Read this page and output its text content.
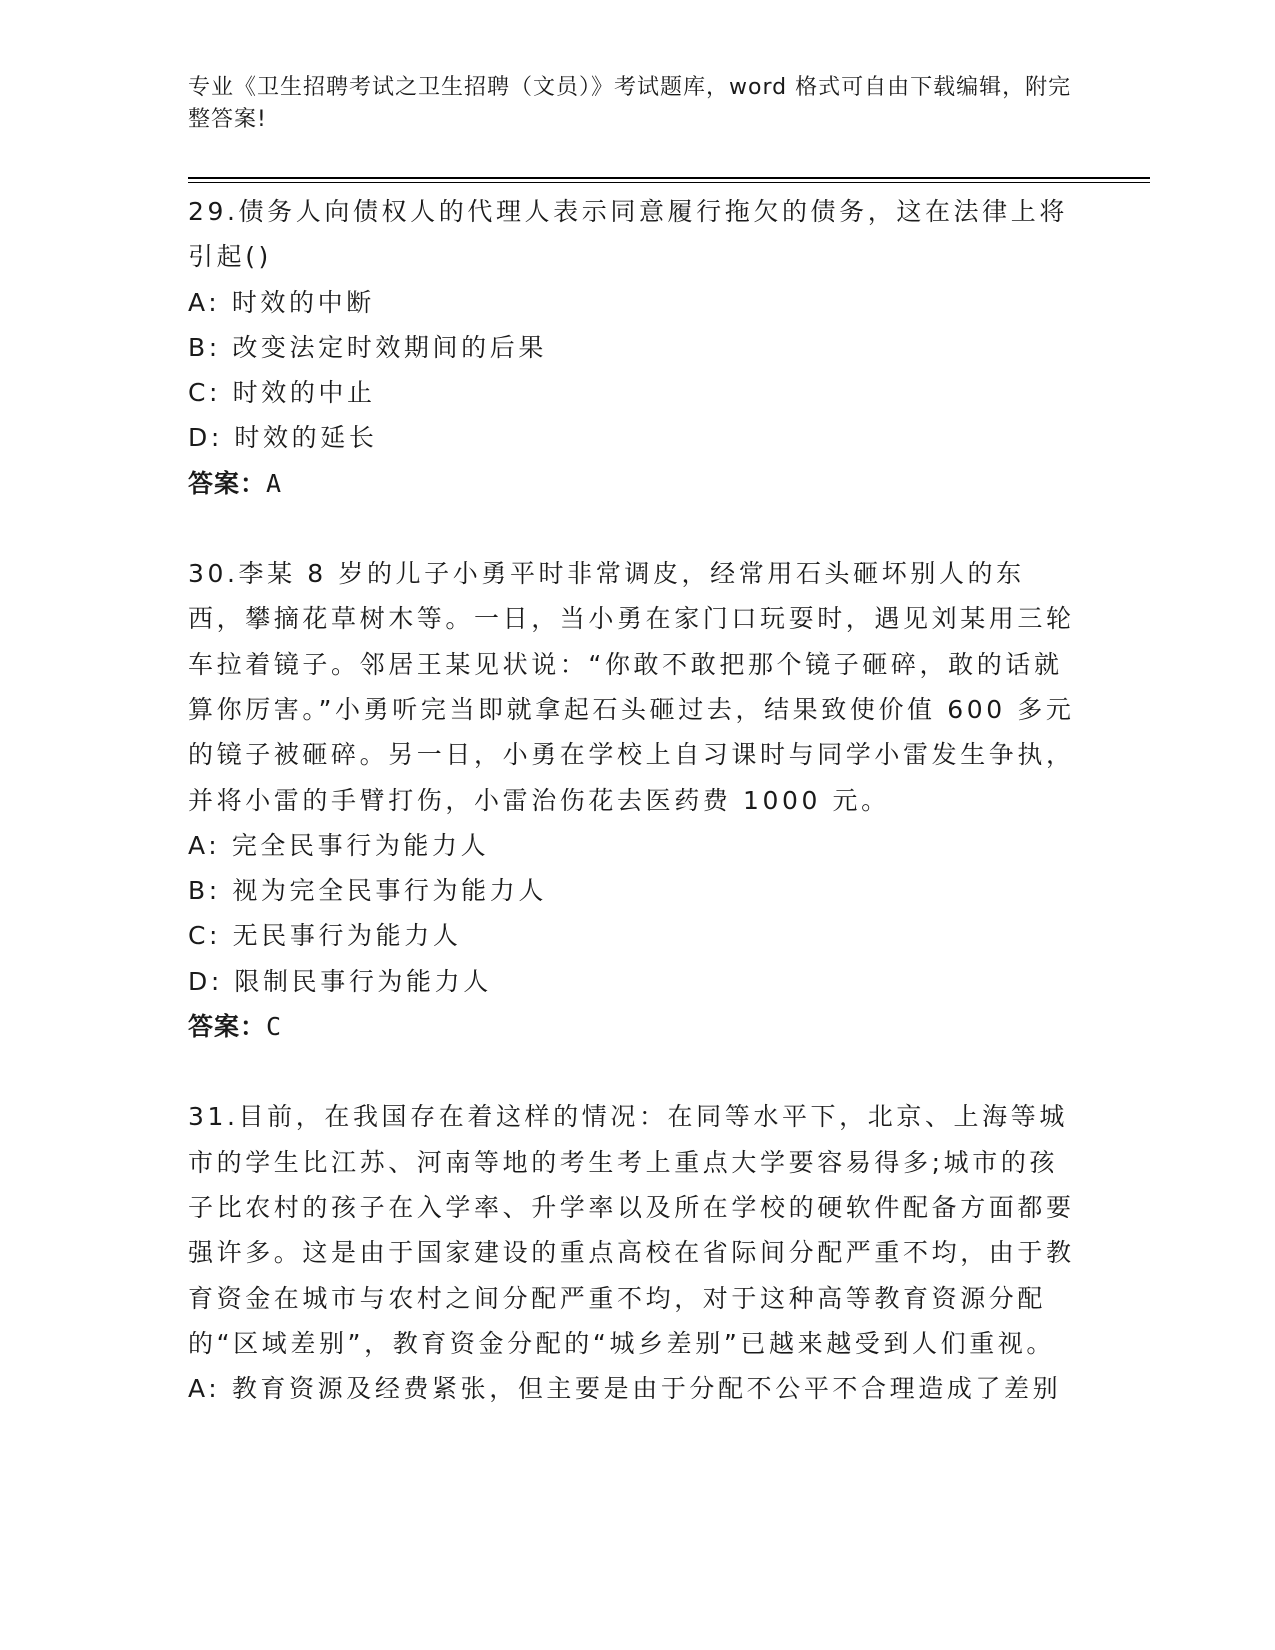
专业《卫生招聘考试之卫生招聘（文员）》考试题库，word 格式可自由下载编辑，附完整答案!

29.债务人向债权人的代理人表示同意履行拖欠的债务，这在法律上将引起()

A: 时效的中断

B: 改变法定时效期间的后果

C: 时效的中止

D: 时效的延长

答案：A

30.李某 8 岁的儿子小勇平时非常调皮，经常用石头砸坏别人的东西，攀摘花草树木等。一日，当小勇在家门口玩耍时，遇见刘某用三轮车拉着镜子。邻居王某见状说：“你敢不敢把那个镜子砸碎，敢的话就算你厉害。”小勇听完当即就拿起石头砸过去，结果致使价值 600 多元的镜子被砸碎。另一日，小勇在学校上自习课时与同学小雷发生争执，并将小雷的手臂打伤，小雷治伤花去医药费 1000 元。

A: 完全民事行为能力人

B: 视为完全民事行为能力人

C: 无民事行为能力人

D: 限制民事行为能力人

答案：C

31.目前，在我国存在着这样的情况：在同等水平下，北京、上海等城市的学生比江苏、河南等地的考生考上重点大学要容易得多;城市的孩子比农村的孩子在入学率、升学率以及所在学校的硬软件配备方面都要强许多。这是由于国家建设的重点高校在省际间分配严重不均，由于教育资金在城市与农村之间分配严重不均，对于这种高等教育资源分配的“区域差别”，教育资金分配的“城乡差别”已越来越受到人们重视。

A: 教育资源及经费紧张，但主要是由于分配不公平不合理造成了差别
